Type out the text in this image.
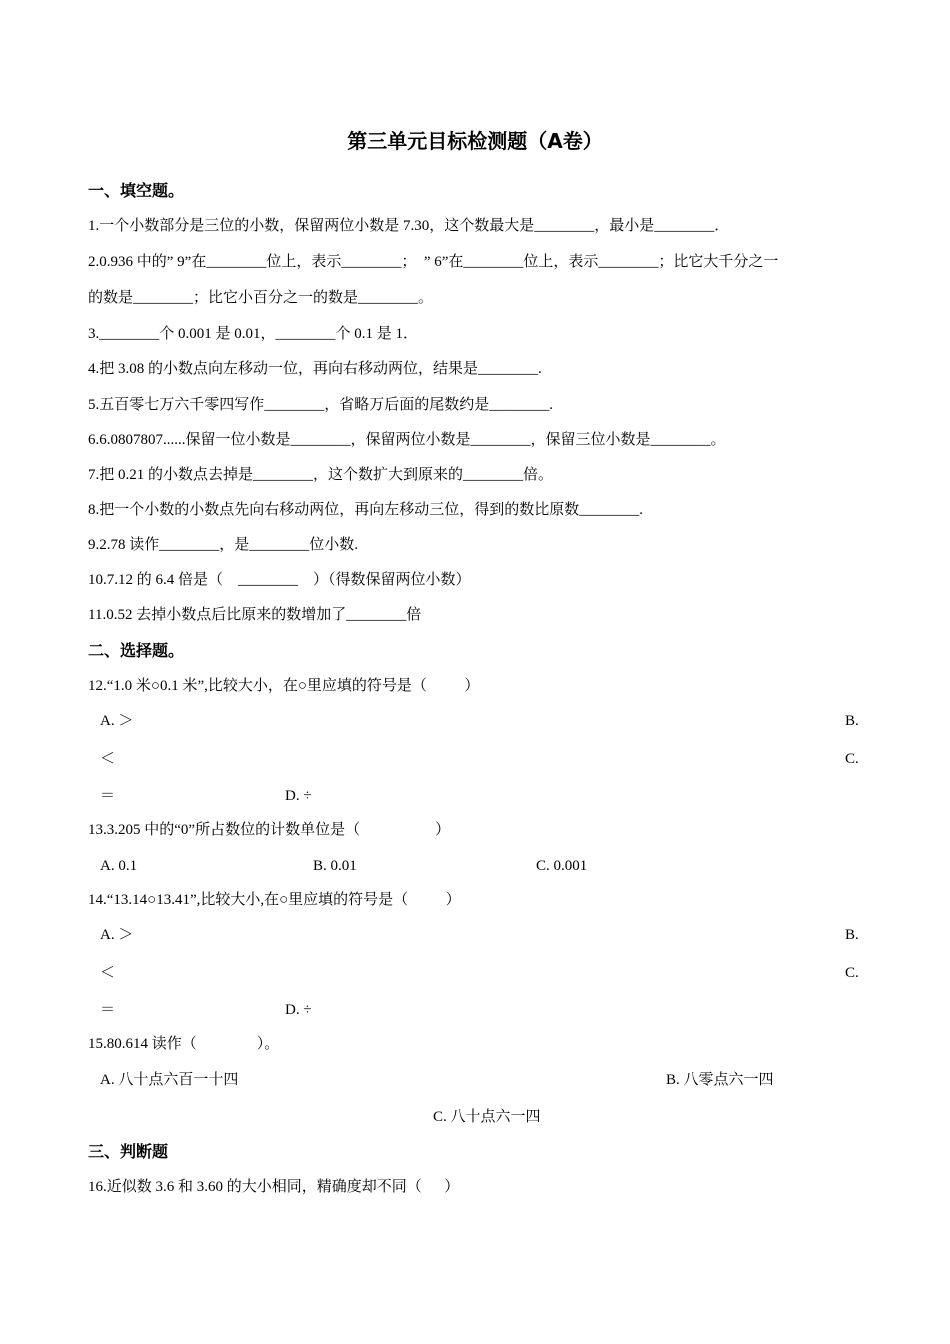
第三单元目标检测题（A卷）
一、填空题。
1.一个小数部分是三位的小数，保留两位小数是 7.30，这个数最大是________，最小是________．
2.0.936 中的” 9”在________位上，表示________；  ” 6”在________位上，表示________；比它大千分之一
的数是________；比它小百分之一的数是________。
3.________个 0.001 是 0.01，________个 0.1 是 1．
4.把 3.08 的小数点向左移动一位，再向右移动两位，结果是________.
5.五百零七万六千零四写作________，省略万后面的尾数约是________.
6.6.0807807......保留一位小数是________，保留两位小数是________，保留三位小数是________。
7.把 0.21 的小数点去掉是________，这个数扩大到原来的________倍。
8.把一个小数的小数点先向右移动两位，再向左移动三位，得到的数比原数________.
9.2.78 读作________，是________位小数.
10.7.12 的 6.4 倍是（    ________    ）（得数保留两位小数）
11.0.52 去掉小数点后比原来的数增加了________倍
二、选择题。
12.“1.0 米○0.1 米”,比较大小，在○里应填的符号是（          ）
A. ＞	B.
＜	C.
＝	D. ÷
13.3.205 中的“0”所占数位的计数单位是（                    ）
A. 0.1	B. 0.01	C. 0.001
14.“13.14○13.41”,比较大小,在○里应填的符号是（          ）
A. ＞	B.
＜	C.
＝	D. ÷
15.80.614 读作（                ）。
A. 八十点六百一十四	B. 八零点六一四
C. 八十点六一四
三、判断题
16.近似数 3.6 和 3.60 的大小相同，精确度却不同（      ）
